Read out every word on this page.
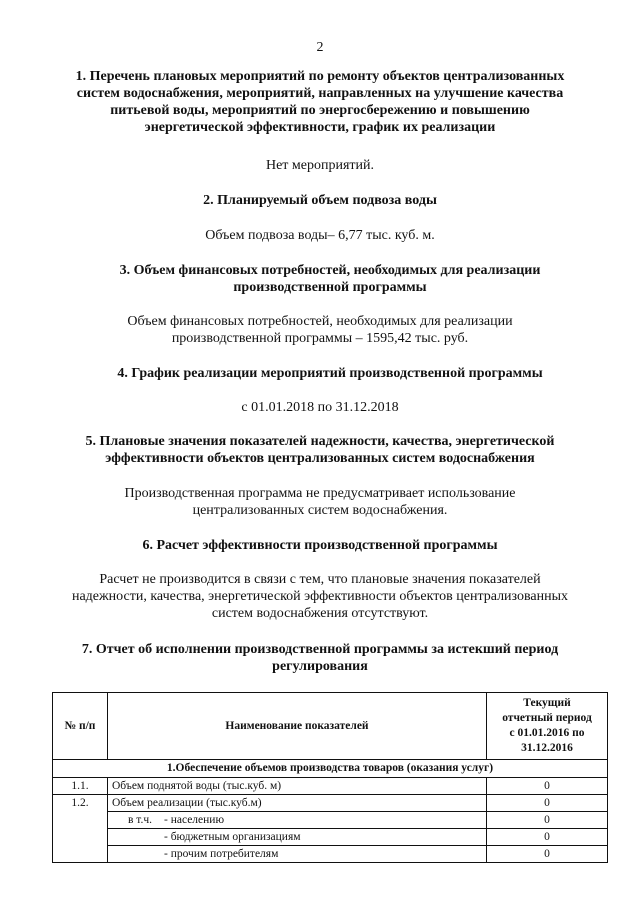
2
1. Перечень плановых мероприятий по ремонту объектов централизованных
систем водоснабжения, мероприятий, направленных на улучшение качества
питьевой воды, мероприятий по энергосбережению и повышению
энергетической эффективности, график их реализации
Нет мероприятий.
2. Планируемый объем подвоза воды
Объем подвоза воды– 6,77 тыс. куб. м.
3. Объем финансовых потребностей, необходимых для реализации
производственной программы
Объем финансовых потребностей, необходимых для реализации
производственной программы – 1595,42 тыс. руб.
4. График реализации мероприятий производственной программы
с 01.01.2018 по 31.12.2018
5. Плановые значения показателей надежности, качества, энергетической
эффективности объектов централизованных систем водоснабжения
Производственная программа не предусматривает использование
централизованных систем водоснабжения.
6. Расчет эффективности производственной программы
Расчет не производится в связи с тем, что плановые значения показателей
надежности, качества, энергетической эффективности объектов централизованных
систем водоснабжения отсутствуют.
7. Отчет об исполнении производственной программы за истекший период
регулирования
№ п/п	Наименование показателей	Текущий
отчетный период
с 01.01.2016 по
31.12.2016

1.Обеспечение объемов производства товаров (оказания услуг)		
1.1.	Объем поднятой воды (тыс.куб. м)	0
1.2.	Объем реализации (тыс.куб.м)	0
	в т.ч. - населению	0
	- бюджетным организациям	0
	- прочим потребителям	0
